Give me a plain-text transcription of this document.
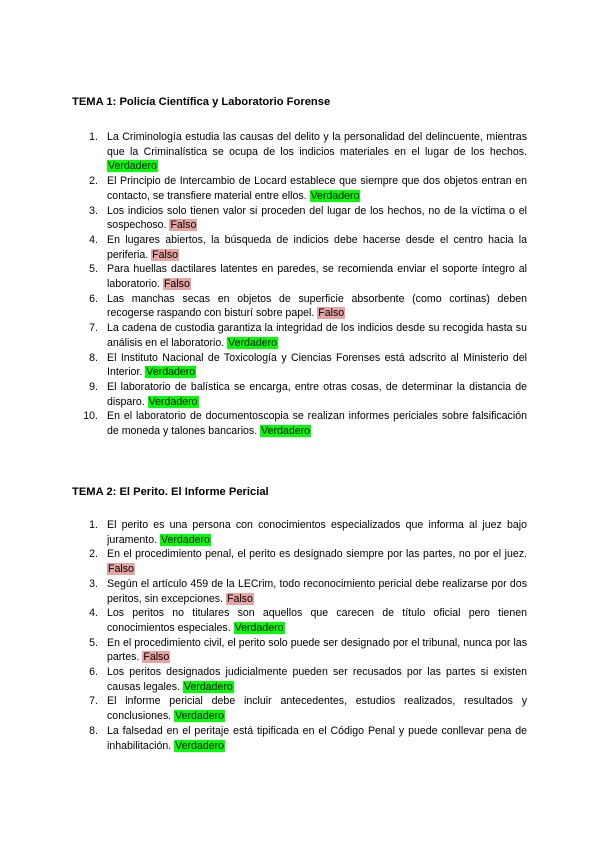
TEMA 1: Policía Científica y Laboratorio Forense
1. La Criminología estudia las causas del delito y la personalidad del delincuente, mientras que la Criminalística se ocupa de los indicios materiales en el lugar de los hechos. Verdadero
2. El Principio de Intercambio de Locard establece que siempre que dos objetos entran en contacto, se transfiere material entre ellos. Verdadero
3. Los indicios solo tienen valor si proceden del lugar de los hechos, no de la víctima o el sospechoso. Falso
4. En lugares abiertos, la búsqueda de indicios debe hacerse desde el centro hacia la periferia. Falso
5. Para huellas dactilares latentes en paredes, se recomienda enviar el soporte íntegro al laboratorio. Falso
6. Las manchas secas en objetos de superficie absorbente (como cortinas) deben recogerse raspando con bisturí sobre papel. Falso
7. La cadena de custodia garantiza la integridad de los indicios desde su recogida hasta su análisis en el laboratorio. Verdadero
8. El Instituto Nacional de Toxicología y Ciencias Forenses está adscrito al Ministerio del Interior. Verdadero
9. El laboratorio de balística se encarga, entre otras cosas, de determinar la distancia de disparo. Verdadero
10. En el laboratorio de documentoscopia se realizan informes periciales sobre falsificación de moneda y talones bancarios. Verdadero
TEMA 2: El Perito. El Informe Pericial
1. El perito es una persona con conocimientos especializados que informa al juez bajo juramento. Verdadero
2. En el procedimiento penal, el perito es designado siempre por las partes, no por el juez. Falso
3. Según el artículo 459 de la LECrim, todo reconocimiento pericial debe realizarse por dos peritos, sin excepciones. Falso
4. Los peritos no titulares son aquellos que carecen de título oficial pero tienen conocimientos especiales. Verdadero
5. En el procedimiento civil, el perito solo puede ser designado por el tribunal, nunca por las partes. Falso
6. Los peritos designados judicialmente pueden ser recusados por las partes si existen causas legales. Verdadero
7. El informe pericial debe incluir antecedentes, estudios realizados, resultados y conclusiones. Verdadero
8. La falsedad en el peritaje está tipificada en el Código Penal y puede conllevar pena de inhabilitación. Verdadero
